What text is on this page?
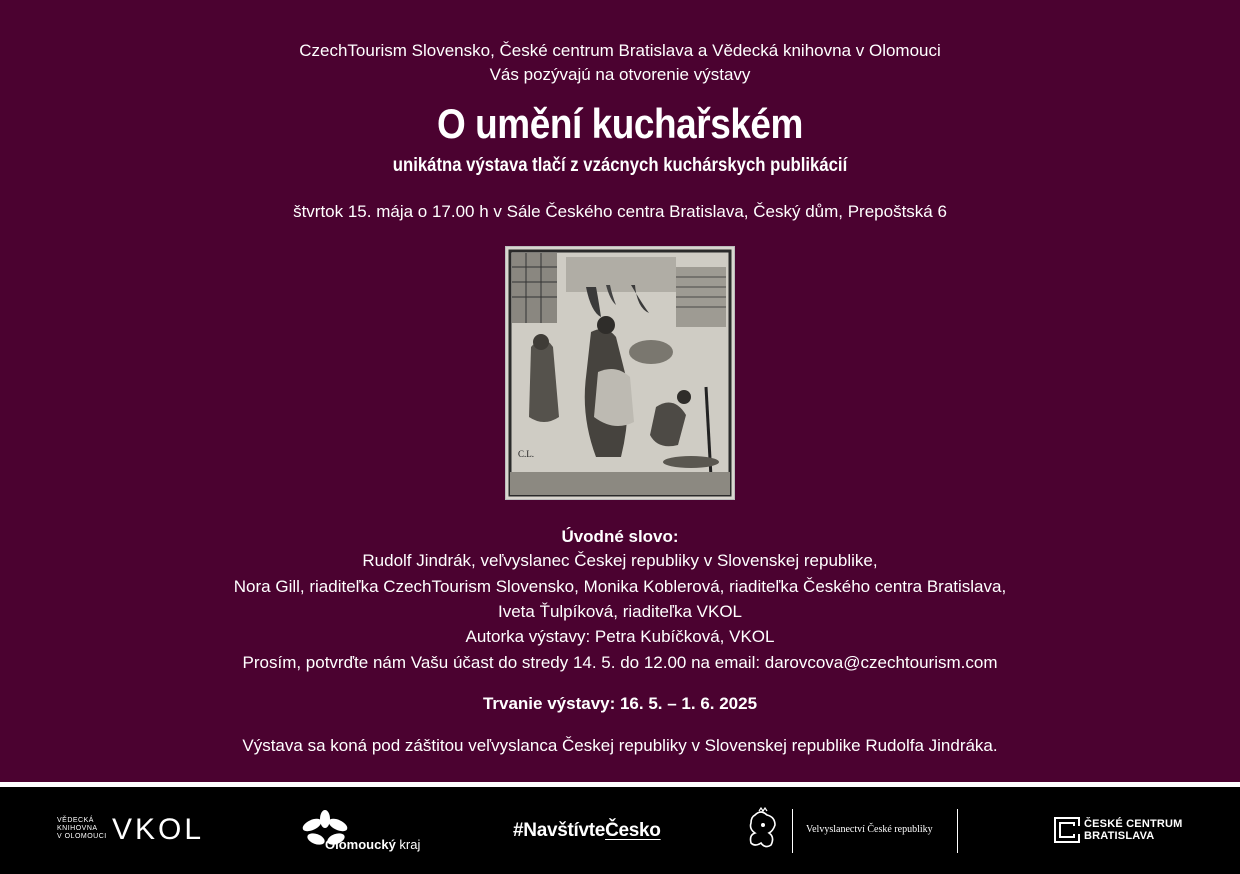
CzechTourism Slovensko, České centrum Bratislava a Vědecká knihovna v Olomouci
Vás pozývajú na otvorenie výstavy
O umění kuchařském
unikátna výstava tlačí z vzácnych kuchárskych publikácií
štvrtok 15. mája o 17.00 h v Sále Českého centra Bratislava, Český dům, Prepoštská 6
C.L.
Úvodné slovo:
Rudolf Jindrák, veľvyslanec Českej republiky v Slovenskej republike,
Nora Gill, riaditeľka CzechTourism Slovensko, Monika Koblerová, riaditeľka Českého centra Bratislava,
Iveta Ťulpíková, riaditeľka VKOL
Autorka výstavy: Petra Kubíčková, VKOL
Prosím, potvrďte nám Vašu účast do stredy 14. 5. do 12.00 na email: darovcova@czechtourism.com
Trvanie výstavy: 16. 5. – 1. 6. 2025
Výstava sa koná pod záštitou veľvyslanca Českej republiky v Slovenskej republike Rudolfa Jindráka.
VĚDECKÁ
KNIHOVNA
V OLOMOUCI VKOL	Olomoucký kraj
#NavštívteČesko	Velvyslanectví České republiky	ČESKÉ CENTRUM
BRATISLAVA
